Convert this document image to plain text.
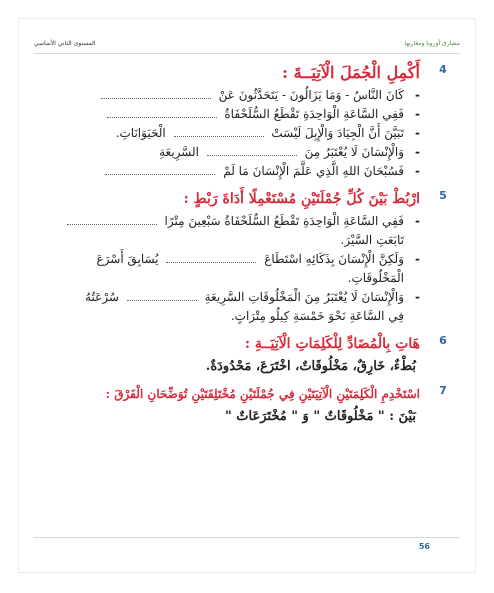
المستوى الثاني الأساسي	مشارق أوروبا ومغاربها
4
أَكْمِلِ الْجُمَلَ الْآتِيَــةَ :
-
كَانَ النَّاسُ - وَمَا يَزَالُونَ - يَتَحَدَّثُونَ عَنْ
-
فَفِي السَّاعَةِ الْوَاحِدَةِ تَقْطَعُ السُّلَحْفَاةُ
-
تَبَيَّنَ أَنَّ الْجِيَادَ وَالْإِبِلَ لَيْسَتْ  الْحَيَوَانَاتِ.
-
وَالْإِنْسَانَ لَا يُعْتَبَرُ مِنَ  السَّرِيعَةِ
-
فَسُبْحَانَ اللهِ الَّذِي عَلَّمَ الْإِنْسَانَ مَا لَمْ
5
ارْبُطْ بَيْنَ كُلِّ جُمْلَتَيْنِ مُسْتَعْمِلًا أَدَاةَ رَبْطٍ :
-
فَفِي السَّاعَةِ الْوَاحِدَةِ تَقْطَعُ السُّلَحْفَاةُ سَبْعِينَ مِتْرًا
تَابَعَتِ السَّيْرَ.
-
وَلَكِنَّ الْإِنْسَانَ بِذَكَائِهِ اسْتَطَاعَ  يُسَابِقَ أَسْرَعَ
الْمَخْلُوقَاتِ.
-
وَالْإِنْسَانَ لَا يُعْتَبَرُ مِنَ الْمَخْلُوقَاتِ السَّرِيعَةِ  سُرْعَتُهُ
فِي السَّاعَةِ نَحْوَ خَمْسَةِ كِيلُو مِتْرَاتٍ.
6
هَاتِ بِالْمُضَادِّ لِلْكَلِمَاتِ الْآتِيَــةِ :
بُطْءٌ، خَارِقٌ، مَخْلُوقَاتٌ، اخْتَرَعَ، مَحْدُودَةٌ.
7
اسْتَخْدِمِ الْكَلِمَتَيْنِ الْآتِيَتَيْنِ فِي جُمْلَتَيْنِ مُخْتَلِفَتَيْنِ تُوَضِّحَانِ الْفَرْقَ :
بَيْنَ : " مَخْلُوقَاتٌ " وَ " مُخْتَرَعَاتٌ "
56
